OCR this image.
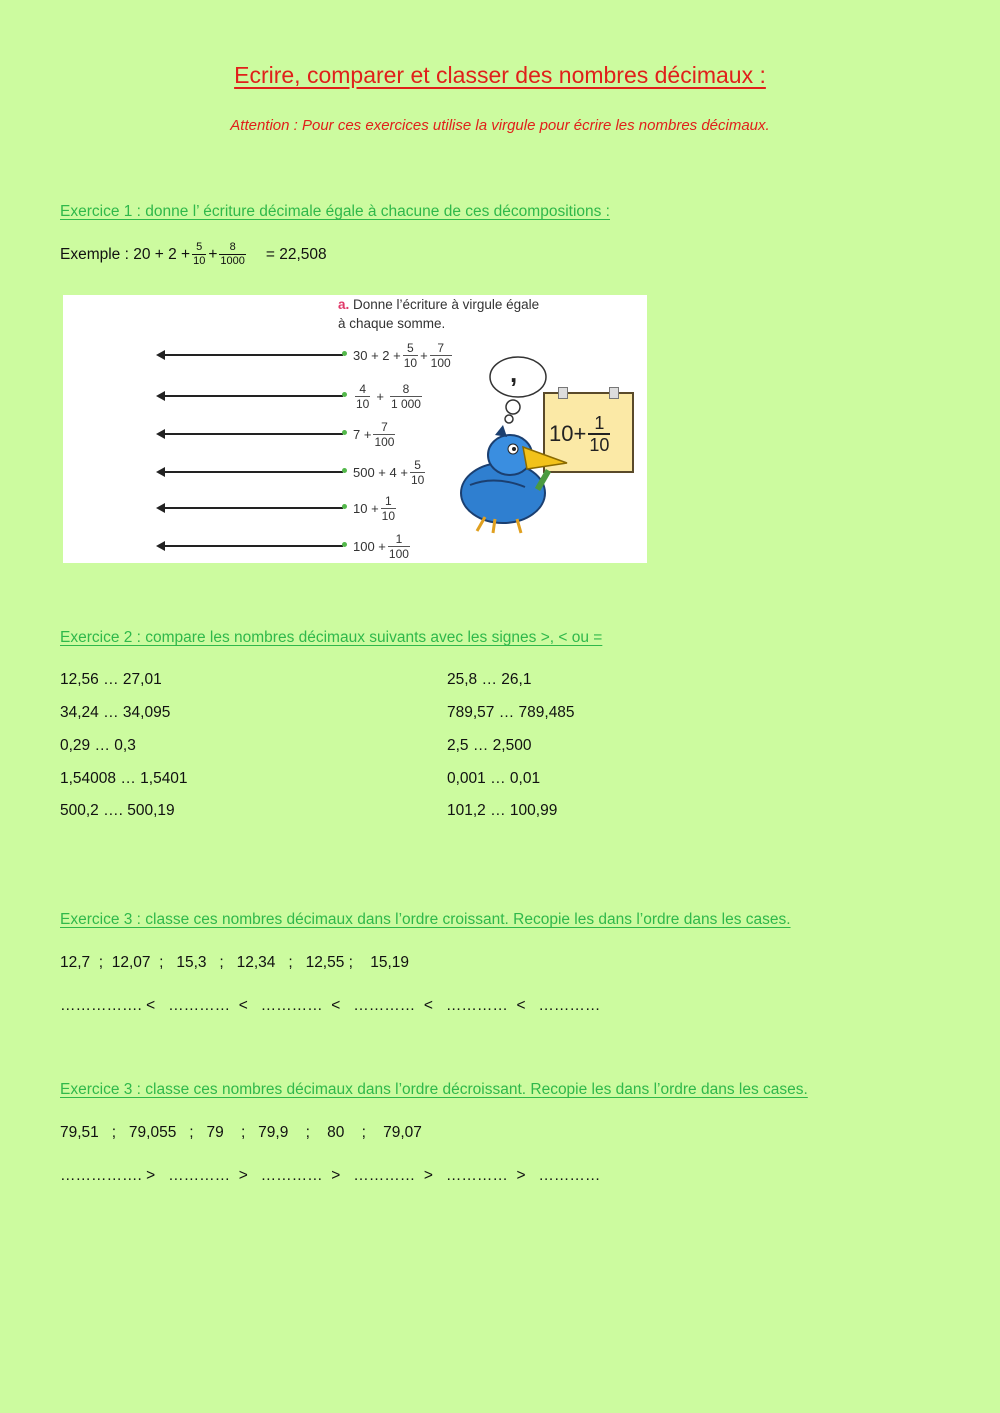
Ecrire, comparer et classer des nombres décimaux :
Attention : Pour ces exercices utilise la virgule pour écrire les nombres décimaux.
Exercice 1 : donne l’ écriture décimale égale à chacune de ces décompositions :
Exemple : $20 + 2 + \frac{5}{10} + \frac{8}{1000} = 22,508$
a. Donne l’écriture à virgule égale
à chaque somme.
$30 + 2 + \frac{5}{10} + \frac{7}{100}$
$\frac{4}{10} + \frac{8}{1 000}$
$7 + \frac{7}{100}$
$500 + 4 + \frac{5}{10}$
$10 + \frac{1}{10}$
$100 + \frac{1}{100}$
,
$10+ \frac{1}{10}$
Exercice 2 : compare les nombres décimaux suivants avec les signes >, < ou =
12,56 … 27,01
34,24 … 34,095
0,29 … 0,3
1,54008 … 1,5401
500,2 …. 500,19
25,8 … 26,1
789,57 … 789,485
2,5 … 2,500
0,001 … 0,01
101,2 … 100,99
Exercice 3 : classe ces nombres décimaux dans l’ordre croissant. Recopie les dans l’ordre dans les cases.
12,7  ;  12,07  ;   15,3   ;   12,34   ;   12,55 ;    15,19
……………. <   …………  <   …………  <   …………  <   …………  <   …………
Exercice 3 : classe ces nombres décimaux dans l’ordre décroissant. Recopie les dans l’ordre dans les cases.
79,51   ;   79,055   ;   79    ;   79,9    ;    80    ;    79,07
……………. >   …………  >   …………  >   …………  >   …………  >   …………
